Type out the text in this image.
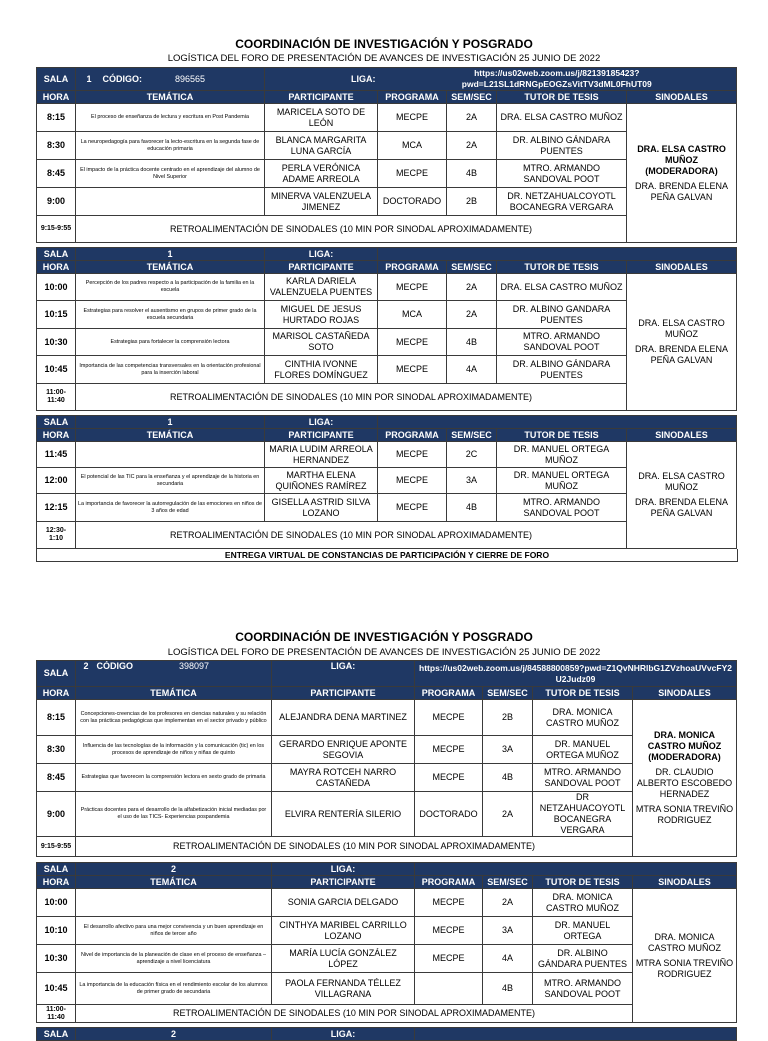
COORDINACIÓN DE INVESTIGACIÓN Y POSGRADO
LOGÍSTICA DEL FORO DE PRESENTACIÓN DE AVANCES DE INVESTIGACIÓN 25 JUNIO DE 2022
SALA	1 CÓDIGO: 896565	LIGA:	https://us02web.zoom.us/j/82139185423?pwd=L21SL1dRNGpEOGZsVitTV3dML0FhUT09			
HORA	TEMÁTICA	PARTICIPANTE	PROGRAMA	SEM/SEC	TUTOR DE TESIS	SINODALES
8:15	El proceso de enseñanza de lectura y escritura en Post Pandemia	MARICELA SOTO DE LEÓN	MECPE	2A	DRA. ELSA CASTRO MUÑOZ	DRA. ELSA CASTRO MUÑOZ (MODERADORA)
DRA. BRENDA ELENA PEÑA GALVAN

8:30	La neuropedagogía para favorecer la lecto-escritura en la segunda fase de educación primaria	BLANCA MARGARITA LUNA GARCÍA	MCA	2A	DR. ALBINO GÁNDARA PUENTES	
8:45	El impacto de la práctica docente centrado en el aprendizaje del alumno de Nivel Superior	PERLA VERÓNICA ADAME ARREOLA	MECPE	4B	MTRO. ARMANDO SANDOVAL POOT	
9:00		MINERVA VALENZUELA JIMENEZ	DOCTORADO	2B	DR. NETZAHUALCOYOTL BOCANEGRA VERGARA	
9:15-9:55	RETROALIMENTACIÓN DE SINODALES (10 MIN POR SINODAL APROXIMADAMENTE)					
SALA	1	LIGA:				
HORA	TEMÁTICA	PARTICIPANTE	PROGRAMA	SEM/SEC	TUTOR DE TESIS	SINODALES
10:00	Percepción de los padres respecto a la participación de la familia en la escuela	KARLA DARIELA VALENZUELA PUENTES	MECPE	2A	DRA. ELSA CASTRO MUÑOZ	DRA. ELSA CASTRO MUÑOZ
DRA. BRENDA ELENA PEÑA GALVAN

10:15	Estrategias para resolver el ausentismo en grupos de primer grado de la escuela secundaria	MIGUEL DE JESUS HURTADO ROJAS	MCA	2A	DR. ALBINO GANDARA PUENTES	
10:30	Estrategias para fortalecer la comprensión lectora	MARISOL CASTAÑEDA SOTO	MECPE	4B	MTRO. ARMANDO SANDOVAL POOT	
10:45	Importancia de las competencias transversales en la orientación profesional para la inserción laboral	CINTHIA IVONNE FLORES DOMÍNGUEZ	MECPE	4A	DR. ALBINO GÁNDARA PUENTES	
11:00-11:40	RETROALIMENTACIÓN DE SINODALES (10 MIN POR SINODAL APROXIMADAMENTE)					
SALA	1	LIGA:				
HORA	TEMÁTICA	PARTICIPANTE	PROGRAMA	SEM/SEC	TUTOR DE TESIS	SINODALES
11:45		MARIA LUDIM ARREOLA HERNANDEZ	MECPE	2C	DR. MANUEL ORTEGA MUÑOZ	DRA. ELSA CASTRO MUÑOZ
DRA. BRENDA ELENA PEÑA GALVAN

12:00	El potencial de las TIC para la enseñanza y el aprendizaje de la historia en secundaria	MARTHA ELENA QUIÑONES RAMÍREZ	MECPE	3A	DR. MANUEL ORTEGA MUÑOZ	
12:15	La importancia de favorecer la autorregulación de las emociones en niños de 3 años de edad	GISELLA ASTRID SILVA LOZANO	MECPE	4B	MTRO. ARMANDO SANDOVAL POOT	
12:30-1:10	RETROALIMENTACIÓN DE SINODALES (10 MIN POR SINODAL APROXIMADAMENTE)					
ENTREGA VIRTUAL DE CONSTANCIAS DE PARTICIPACIÓN Y CIERRE DE FORO
COORDINACIÓN DE INVESTIGACIÓN Y POSGRADO
LOGÍSTICA DEL FORO DE PRESENTACIÓN DE AVANCES DE INVESTIGACIÓN 25 JUNIO DE 2022
SALA	2 CÓDIGO 398097	LIGA:	https://us02web.zoom.us/j/84588800859?pwd=Z1QvNHRlbG1ZVzhoaUVvcFY2U2Judz09			
HORA	TEMÁTICA	PARTICIPANTE	PROGRAMA	SEM/SEC	TUTOR DE TESIS	SINODALES
8:15	Concepciones-creencias de los profesores en ciencias naturales y su relación con las prácticas pedagógicas que implementan en el sector privado y público	ALEJANDRA DENA MARTINEZ	MECPE	2B	DRA. MONICA CASTRO MUÑOZ	DRA. MONICA CASTRO MUÑOZ (MODERADORA)
DR. CLAUDIO ALBERTO ESCOBEDO HERNADEZ
MTRA SONIA TREVIÑO RODRIGUEZ

8:30	Influencia de las tecnologías de la información y la comunicación (tic) en los procesos de aprendizaje de niños y niñas de quinto	GERARDO ENRIQUE APONTE SEGOVIA	MECPE	3A	DR. MANUEL ORTEGA MUÑOZ	
8:45	Estrategias que favorecen la comprensión lectora en sexto grado de primaria	MAYRA ROTCEH NARRO CASTAÑEDA	MECPE	4B	MTRO. ARMANDO SANDOVAL POOT	
9:00	Prácticas docentes para el desarrollo de la alfabetización inicial mediadas por el uso de las TICS- Experiencias pospandemia	ELVIRA RENTERÍA SILERIO	DOCTORADO	2A	DR NETZAHUACOYOTL BOCANEGRA VERGARA	
9:15-9:55	RETROALIMENTACIÓN DE SINODALES (10 MIN POR SINODAL APROXIMADAMENTE)					
SALA	2	LIGA:				
HORA	TEMÁTICA	PARTICIPANTE	PROGRAMA	SEM/SEC	TUTOR DE TESIS	SINODALES
10:00		SONIA GARCIA DELGADO	MECPE	2A	DRA. MONICA CASTRO MUÑOZ	DRA. MONICA CASTRO MUÑOZ
MTRA SONIA TREVIÑO RODRIGUEZ

10:10	El desarrollo afectivo para una mejor convivencia y un buen aprendizaje en niños de tercer año	CINTHYA MARIBEL CARRILLO LOZANO	MECPE	3A	DR. MANUEL ORTEGA	
10:30	Nivel de importancia de la planeación de clase en el proceso de enseñanza – aprendizaje a nivel licenciatura	MARÍA LUCÍA GONZÁLEZ LÓPEZ	MECPE	4A	DR. ALBINO GÁNDARA PUENTES	
10:45	La importancia de la educación física en el rendimiento escolar de los alumnos de primer grado de secundaria	PAOLA FERNANDA TÉLLEZ VILLAGRANA		4B	MTRO. ARMANDO SANDOVAL POOT	
11:00-11:40	RETROALIMENTACIÓN DE SINODALES (10 MIN POR SINODAL APROXIMADAMENTE)					
SALA	2	LIGA:	
